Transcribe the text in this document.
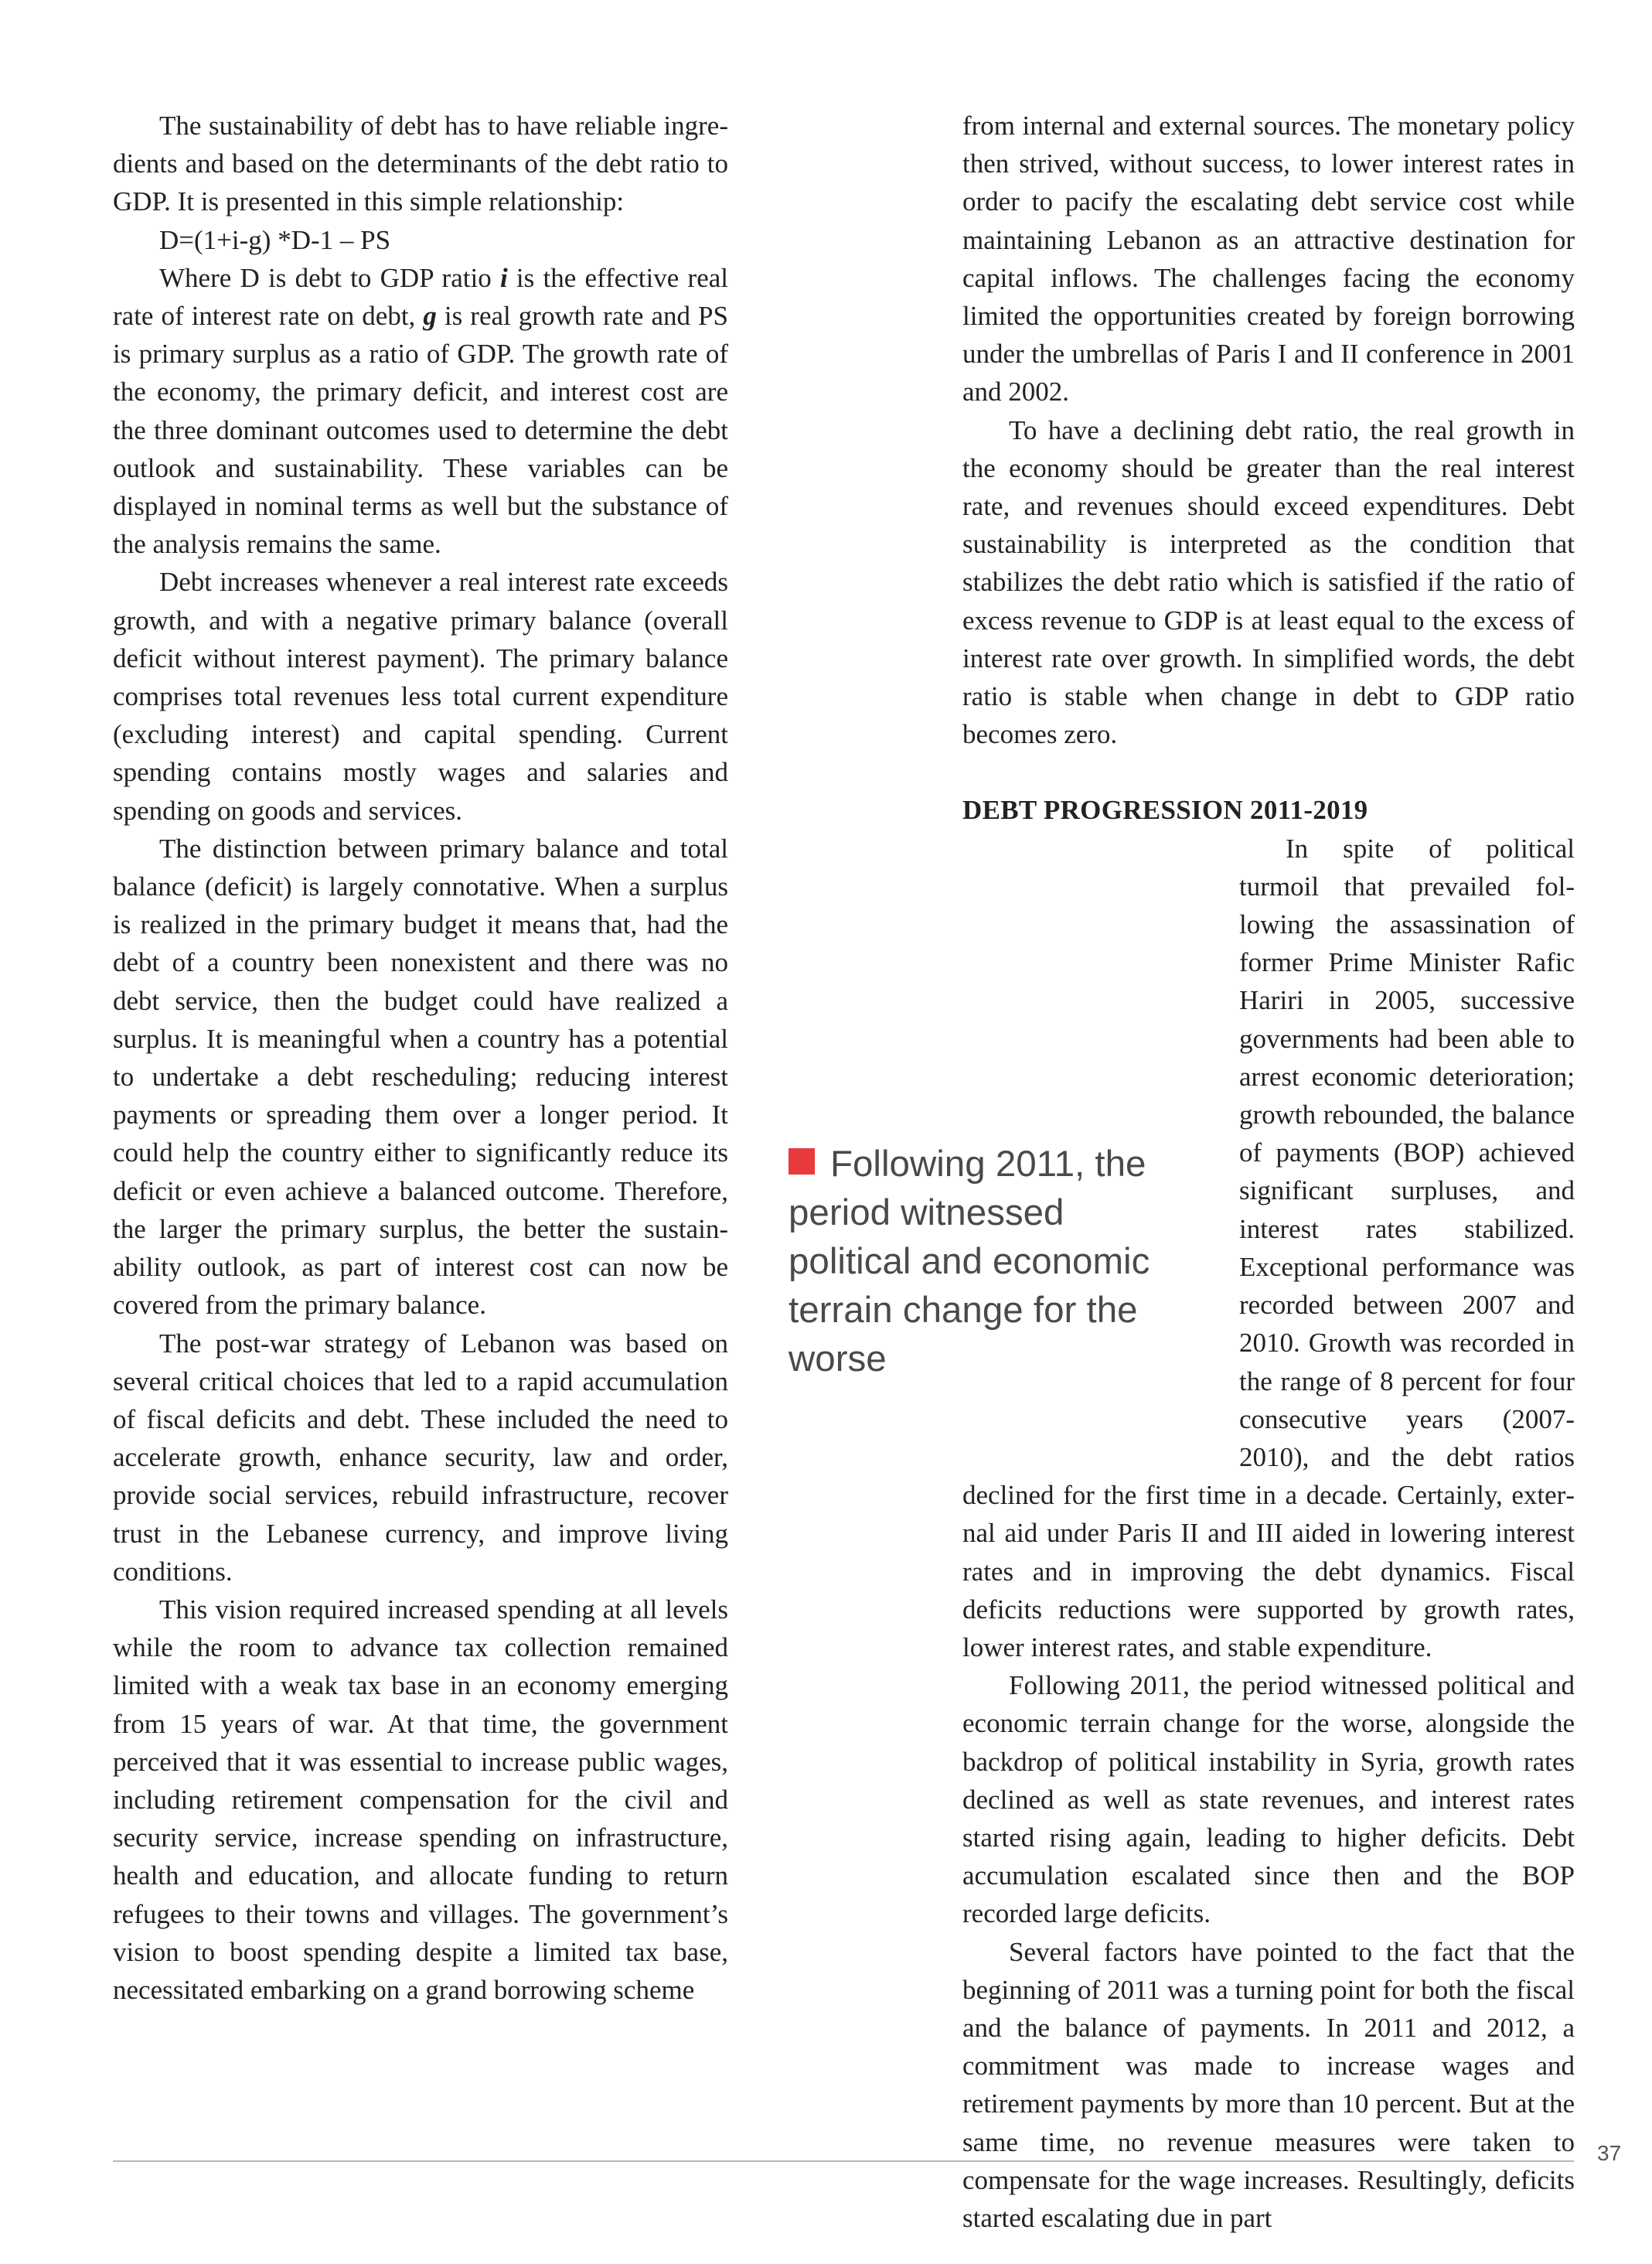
The sustainability of debt has to have reliable ingredients and based on the determinants of the debt ratio to GDP. It is presented in this simple relationship:

D=(1+i-g) *D-1 – PS

Where D is debt to GDP ratio i is the effective real rate of interest rate on debt, g is real growth rate and PS is primary surplus as a ratio of GDP. The growth rate of the economy, the primary deficit, and interest cost are the three dominant outcomes used to determine the debt outlook and sustainability. These variables can be displayed in nominal terms as well but the substance of the analysis remains the same.

Debt increases whenever a real interest rate exceeds growth, and with a negative primary balance (overall deficit without interest payment). The primary balance comprises total revenues less total current expenditure (excluding interest) and capital spending. Current spending contains mostly wages and salaries and spending on goods and services.

The distinction between primary balance and total balance (deficit) is largely connotative. When a surplus is realized in the primary budget it means that, had the debt of a country been nonexistent and there was no debt service, then the budget could have realized a surplus. It is meaningful when a country has a potential to undertake a debt rescheduling; reducing interest payments or spreading them over a longer period. It could help the country either to significantly reduce its deficit or even achieve a balanced outcome. Therefore, the larger the primary surplus, the better the sustainability outlook, as part of interest cost can now be covered from the primary balance.

The post-war strategy of Lebanon was based on several critical choices that led to a rapid accumulation of fiscal deficits and debt. These included the need to accelerate growth, enhance security, law and order, provide social services, rebuild infrastructure, recover trust in the Lebanese currency, and improve living conditions.

This vision required increased spending at all levels while the room to advance tax collection remained limited with a weak tax base in an economy emerging from 15 years of war. At that time, the government perceived that it was essential to increase public wages, including retirement compensation for the civil and security service, increase spending on infrastructure, health and education, and allocate funding to return refugees to their towns and villages. The government’s vision to boost spending despite a limited tax base, necessitated embarking on a grand borrowing scheme

from internal and external sources. The monetary policy then strived, without success, to lower interest rates in order to pacify the escalating debt service cost while maintaining Lebanon as an attractive destination for capital inflows. The challenges facing the economy limited the opportunities created by foreign borrowing under the umbrellas of Paris I and II conference in 2001 and 2002.

To have a declining debt ratio, the real growth in the economy should be greater than the real interest rate, and revenues should exceed expenditures. Debt sustainability is interpreted as the condition that stabilizes the debt ratio which is satisfied if the ratio of excess revenue to GDP is at least equal to the excess of interest rate over growth. In simplified words, the debt ratio is stable when change in debt to GDP ratio becomes zero.

DEBT PROGRESSION 2011-2019

In spite of political turmoil that prevailed following the assassination of former Prime Minister Rafic Hariri in 2005, successive governments had been able to arrest economic deterioration; growth rebounded, the balance of payments (BOP) achieved significant surpluses, and interest rates stabilized. Exceptional performance was recorded between 2007 and 2010. Growth was recorded in the range of 8 percent for four consecutive years (2007-2010), and the debt ratios declined for the first time in a decade. Certainly, external aid under Paris II and III aided in lowering interest rates and in improving the debt dynamics. Fiscal deficits reductions were supported by growth rates, lower interest rates, and stable expenditure.

Following 2011, the period witnessed political and economic terrain change for the worse, alongside the backdrop of political instability in Syria, growth rates declined as well as state revenues, and interest rates started rising again, leading to higher deficits. Debt accumulation escalated since then and the BOP recorded large deficits.

Several factors have pointed to the fact that the beginning of 2011 was a turning point for both the fiscal and the balance of payments. In 2011 and 2012, a commitment was made to increase wages and retirement payments by more than 10 percent. But at the same time, no revenue measures were taken to compensate for the wage increases. Resultingly, deficits started escalating due in part

Following 2011, the period witnessed political and economic terrain change for the worse
37
